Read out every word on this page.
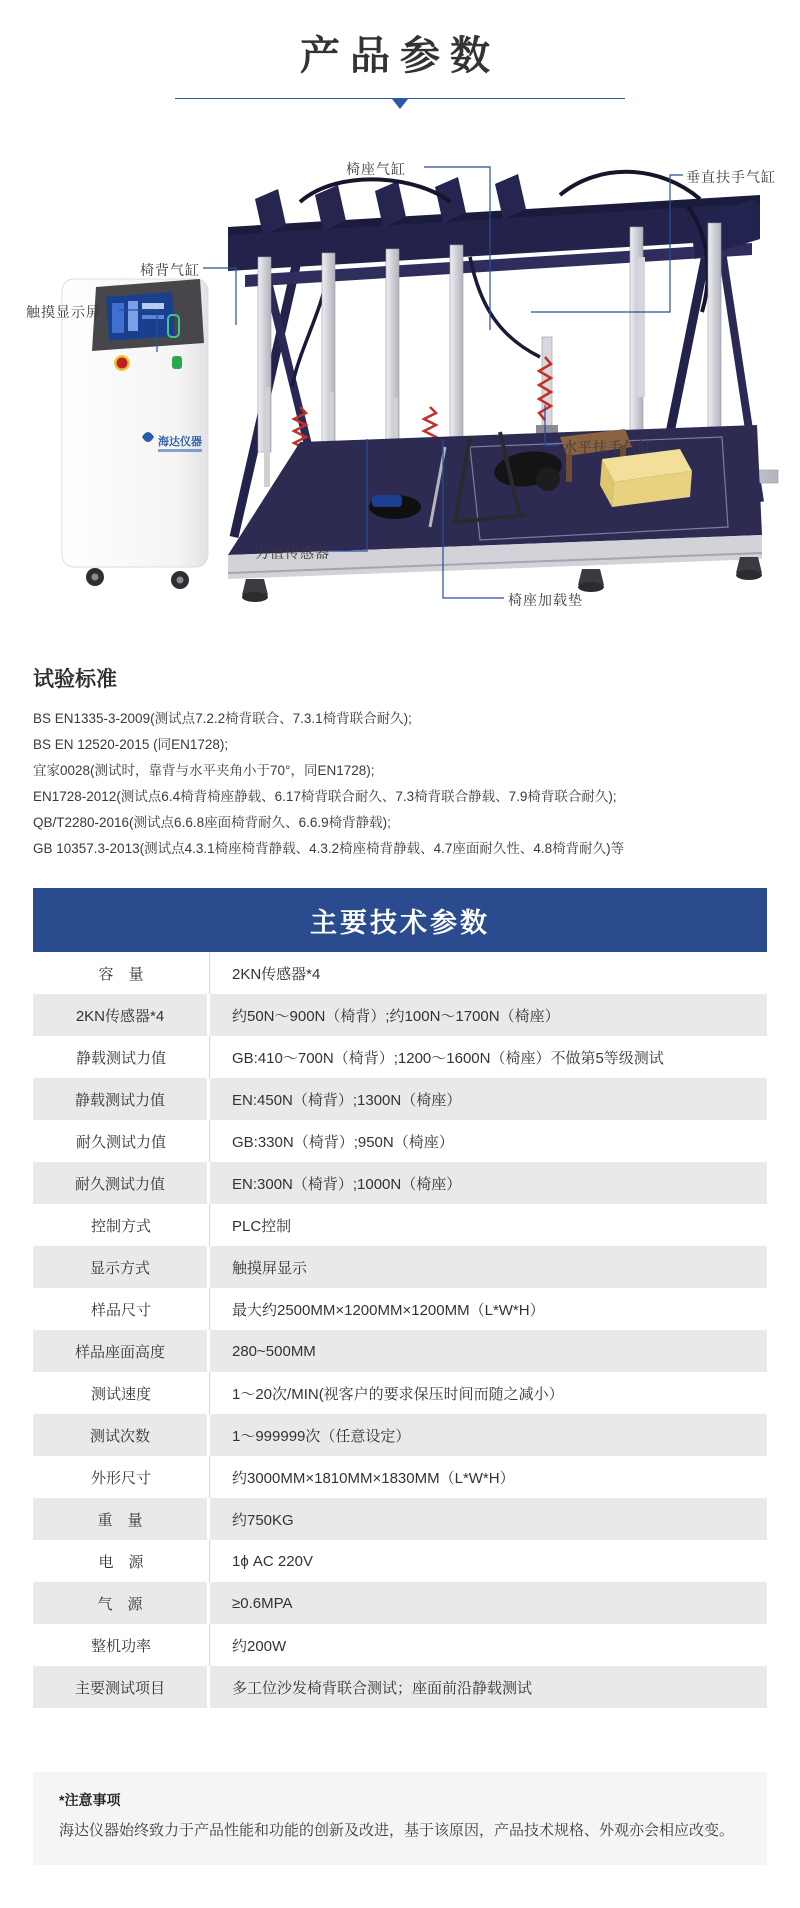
产品参数
海达仪器
椅座气缸	垂直扶手气缸
椅背气缸
触摸显示屏
水平扶手气缸
力值传感器
椅座加载垫
试验标准
BS EN1335-3-2009(测试点7.2.2椅背联合、7.3.1椅背联合耐久);
BS EN 12520-2015 (同EN1728);
宜家0028(测试时，靠背与水平夹角小于70°，同EN1728);
EN1728-2012(测试点6.4椅背椅座静载、6.17椅背联合耐久、7.3椅背联合静载、7.9椅背联合耐久);
QB/T2280-2016(测试点6.6.8座面椅背耐久、6.6.9椅背静载);
GB 10357.3-2013(测试点4.3.1椅座椅背静载、4.3.2椅座椅背静载、4.7座面耐久性、4.8椅背耐久)等
主要技术参数
容　量	2KN传感器*4
2KN传感器*4	约50N～900N（椅背）;约100N～1700N（椅座）
静载测试力值	GB:410～700N（椅背）;1200～1600N（椅座）不做第5等级测试
静载测试力值	EN:450N（椅背）;1300N（椅座）
耐久测试力值	GB:330N（椅背）;950N（椅座）
耐久测试力值	EN:300N（椅背）;1000N（椅座）
控制方式	PLC控制
显示方式	触摸屏显示
样品尺寸	最大约2500MM×1200MM×1200MM（L*W*H）
样品座面高度	280~500MM
测试速度	1～20次/MIN(视客户的要求保压时间而随之减小）
测试次数	1～999999次（任意设定）
外形尺寸	约3000MM×1810MM×1830MM（L*W*H）
重　量	约750KG
电　源	1ϕ AC 220V
气　源	≥0.6MPA
整机功率	约200W
主要测试项目	多工位沙发椅背联合测试；座面前沿静载测试

*注意事项

海达仪器始终致力于产品性能和功能的创新及改进，基于该原因，产品技术规格、外观亦会相应改变。
